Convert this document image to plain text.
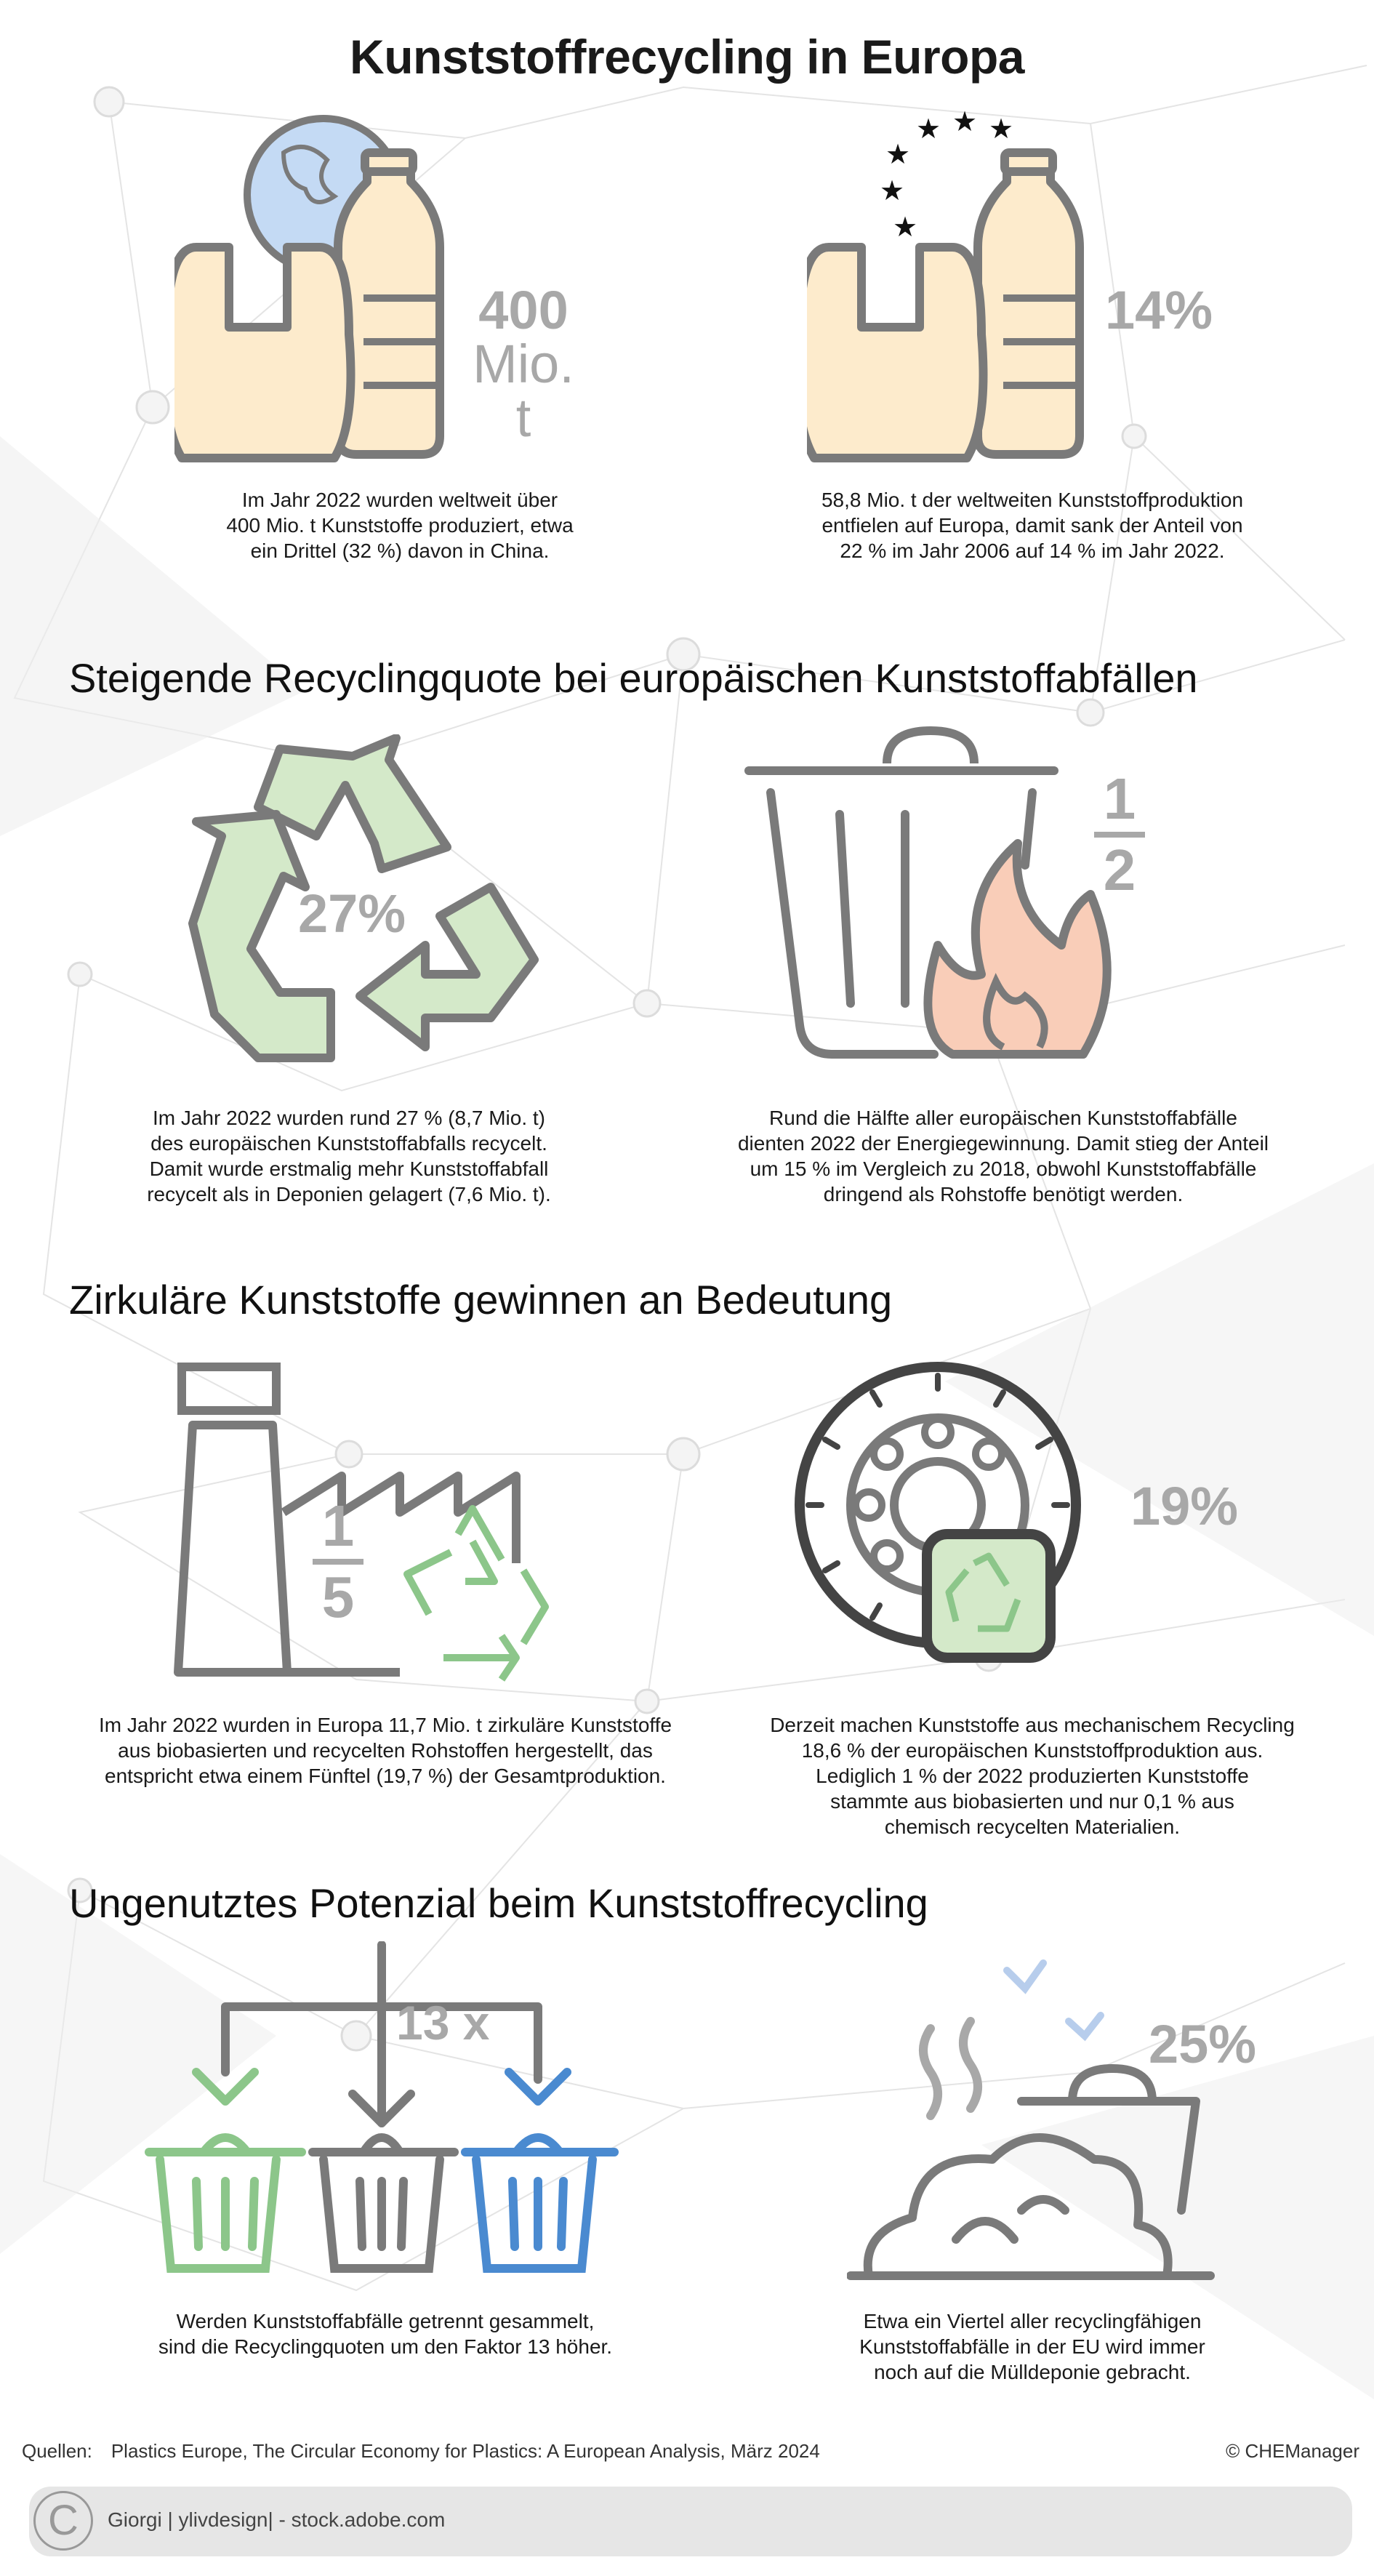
Kunststoffrecycling in Europa
400
Mio. t
Im Jahr 2022 wurden weltweit über
400 Mio. t Kunststoffe produziert, etwa
ein Drittel (32 %) davon in China.
★ ★ ★
★
★
★
14%
58,8 Mio. t der weltweiten Kunststoffproduktion
entfielen auf Europa, damit sank der Anteil von
22 % im Jahr 2006 auf 14 % im Jahr 2022.
Steigende Recyclingquote bei europäischen Kunststoffabfällen
27%
Im Jahr 2022 wurden rund 27 % (8,7 Mio. t)
des europäischen Kunststoffabfalls recycelt.
Damit wurde erstmalig mehr Kunststoffabfall
recycelt als in Deponien gelagert (7,6 Mio. t).
1
2
Rund die Hälfte aller europäischen Kunststoffabfälle
dienten 2022 der Energiegewinnung. Damit stieg der Anteil
um 15 % im Vergleich zu 2018, obwohl Kunststoffabfälle
dringend als Rohstoffe benötigt werden.
Zirkuläre Kunststoffe gewinnen an Bedeutung
1
5
Im Jahr 2022 wurden in Europa 11,7 Mio. t zirkuläre Kunststoffe
aus biobasierten und recycelten Rohstoffen hergestellt, das
entspricht etwa einem Fünftel (19,7 %) der Gesamtproduktion.
19%
Derzeit machen Kunststoffe aus mechanischem Recycling
18,6 % der europäischen Kunststoffproduktion aus.
Lediglich 1 % der 2022 produzierten Kunststoffe
stammte aus biobasierten und nur 0,1 % aus
chemisch recycelten Materialien.
Ungenutztes Potenzial beim Kunststoffrecycling
13 x
Werden Kunststoffabfälle getrennt gesammelt,
sind die Recyclingquoten um den Faktor 13 höher.
25%
Etwa ein Viertel aller recyclingfähigen
Kunststoffabfälle in der EU wird immer
noch auf die Mülldeponie gebracht.
Quellen: Plastics Europe, The Circular Economy for Plastics: A European Analysis, März 2024	© CHEManager
C	Giorgi | ylivdesign| - stock.adobe.com
